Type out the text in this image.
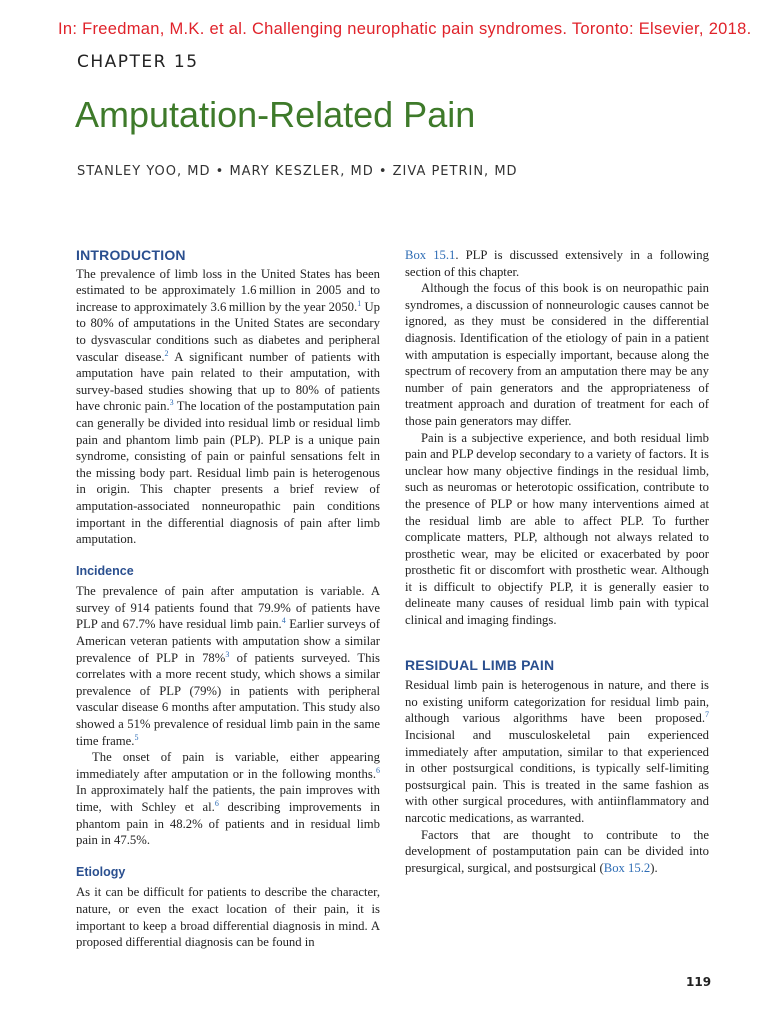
In: Freedman, M.K. et al. Challenging neurophatic pain syndromes. Toronto: Elsevier, 2018.
CHAPTER 15
Amputation-Related Pain
STANLEY YOO, MD • MARY KESZLER, MD • ZIVA PETRIN, MD
INTRODUCTION

The prevalence of limb loss in the United States has been estimated to be approximately 1.6 million in 2005 and to increase to approximately 3.6 million by the year 2050.$^1$ Up to 80% of amputations in the United States are secondary to dysvascular conditions such as diabetes and peripheral vascular disease.$^2$ A significant number of patients with amputation have pain related to their amputation, with survey-based studies showing that up to 80% of patients have chronic pain.$^3$ The location of the postamputation pain can generally be divided into residual limb or residual limb pain and phantom limb pain (PLP). PLP is a unique pain syndrome, consisting of pain or painful sensations felt in the missing body part. Residual limb pain is heterogenous in origin. This chapter presents a brief review of amputation-associated nonneuropathic pain conditions important in the differential diagnosis of pain after limb amputation.

Incidence

The prevalence of pain after amputation is variable. A survey of 914 patients found that 79.9% of patients have PLP and 67.7% have residual limb pain.$^4$ Earlier surveys of American veteran patients with amputation show a similar prevalence of PLP in 78%$^3$ of patients surveyed. This correlates with a more recent study, which shows a similar prevalence of PLP (79%) in patients with peripheral vascular disease 6 months after amputation. This study also showed a 51% prevalence of residual limb pain in the same time frame.$^5$

The onset of pain is variable, either appearing immediately after amputation or in the following months.$^6$ In approximately half the patients, the pain improves with time, with Schley et al.$^6$ describing improvements in phantom pain in 48.2% of patients and in residual limb pain in 47.5%.

Etiology

As it can be difficult for patients to describe the character, nature, or even the exact location of their pain, it is important to keep a broad differential diagnosis in mind. A proposed differential diagnosis can be found in

Box 15.1. PLP is discussed extensively in a following section of this chapter.

Although the focus of this book is on neuropathic pain syndromes, a discussion of nonneurologic causes cannot be ignored, as they must be considered in the differential diagnosis. Identification of the etiology of pain in a patient with amputation is especially important, because along the spectrum of recovery from an amputation there may be any number of pain generators and the appropriateness of treatment approach and duration of treatment for each of those pain generators may differ.

Pain is a subjective experience, and both residual limb pain and PLP develop secondary to a variety of factors. It is unclear how many objective findings in the residual limb, such as neuromas or heterotopic ossification, contribute to the presence of PLP or how many interventions aimed at the residual limb are able to affect PLP. To further complicate matters, PLP, although not always related to prosthetic wear, may be elicited or exacerbated by poor prosthetic fit or discomfort with prosthetic wear. Although it is difficult to objectify PLP, it is generally easier to delineate many causes of residual limb pain with typical clinical and imaging findings.

RESIDUAL LIMB PAIN

Residual limb pain is heterogenous in nature, and there is no existing uniform categorization for residual limb pain, although various algorithms have been proposed.$^7$ Incisional and musculoskeletal pain experienced immediately after amputation, similar to that experienced in other postsurgical conditions, is typically self-limiting postsurgical pain. This is treated in the same fashion as with other surgical procedures, with antiinflammatory and narcotic medications, as warranted.

Factors that are thought to contribute to the development of postamputation pain can be divided into presurgical, surgical, and postsurgical (Box 15.2).

119
